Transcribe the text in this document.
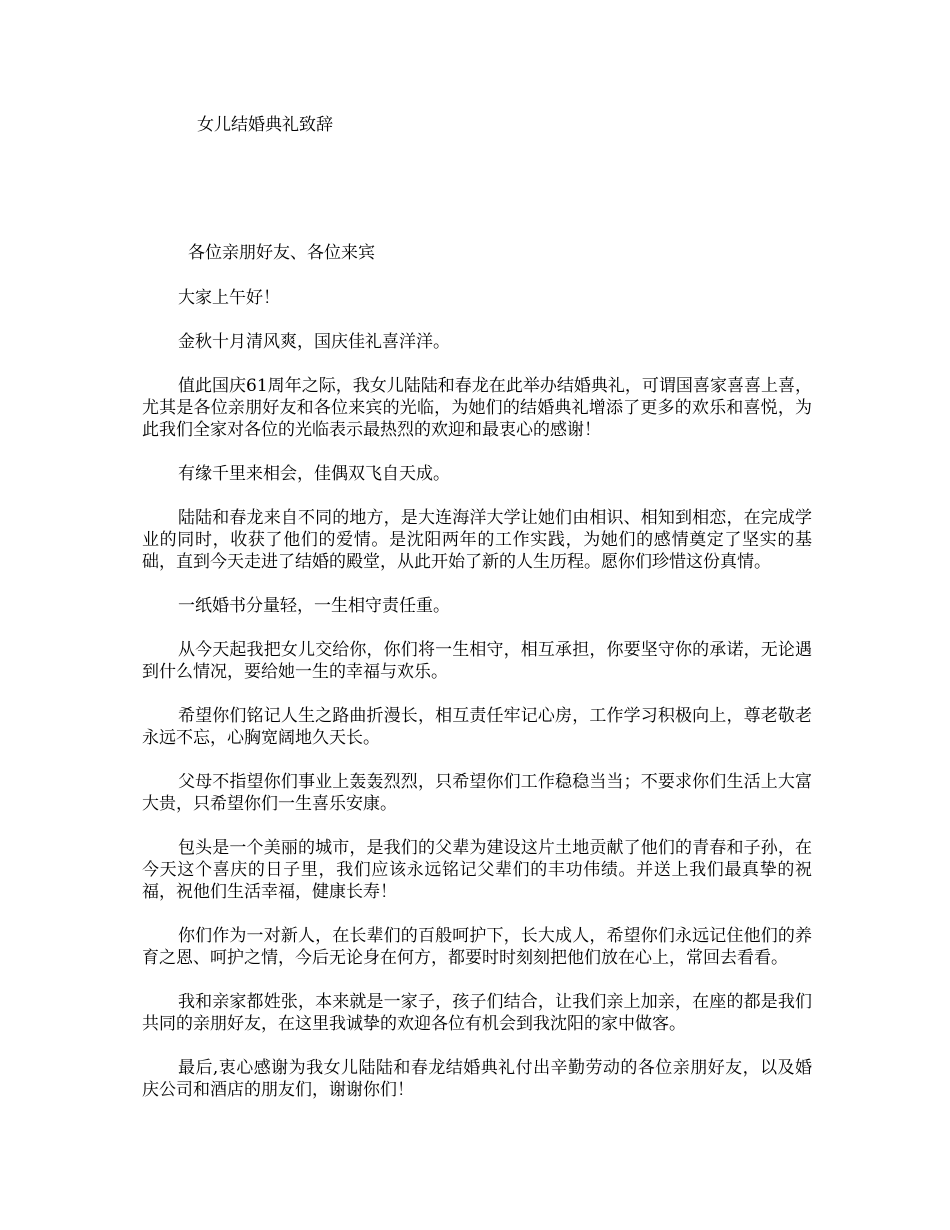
女儿结婚典礼致辞
各位亲朋好友、各位来宾

大家上午好！

金秋十月清风爽，国庆佳礼喜洋洋。

值此国庆61周年之际，我女儿陆陆和春龙在此举办结婚典礼，可谓国喜家喜喜上喜，尤其是各位亲朋好友和各位来宾的光临，为她们的结婚典礼增添了更多的欢乐和喜悦，为此我们全家对各位的光临表示最热烈的欢迎和最衷心的感谢！

有缘千里来相会，佳偶双飞自天成。

陆陆和春龙来自不同的地方，是大连海洋大学让她们由相识、相知到相恋，在完成学业的同时，收获了他们的爱情。是沈阳两年的工作实践，为她们的感情奠定了坚实的基础，直到今天走进了结婚的殿堂，从此开始了新的人生历程。愿你们珍惜这份真情。

一纸婚书分量轻，一生相守责任重。

从今天起我把女儿交给你，你们将一生相守，相互承担，你要坚守你的承诺，无论遇到什么情况，要给她一生的幸福与欢乐。

希望你们铭记人生之路曲折漫长，相互责任牢记心房，工作学习积极向上，尊老敬老永远不忘，心胸宽阔地久天长。

父母不指望你们事业上轰轰烈烈，只希望你们工作稳稳当当；不要求你们生活上大富大贵，只希望你们一生喜乐安康。

包头是一个美丽的城市，是我们的父辈为建设这片土地贡献了他们的青春和子孙，在今天这个喜庆的日子里，我们应该永远铭记父辈们的丰功伟绩。并送上我们最真挚的祝福，祝他们生活幸福，健康长寿！

你们作为一对新人，在长辈们的百般呵护下，长大成人，希望你们永远记住他们的养育之恩、呵护之情，今后无论身在何方，都要时时刻刻把他们放在心上，常回去看看。

我和亲家都姓张，本来就是一家子，孩子们结合，让我们亲上加亲，在座的都是我们共同的亲朋好友，在这里我诚挚的欢迎各位有机会到我沈阳的家中做客。

最后,衷心感谢为我女儿陆陆和春龙结婚典礼付出辛勤劳动的各位亲朋好友，以及婚庆公司和酒店的朋友们，谢谢你们！
